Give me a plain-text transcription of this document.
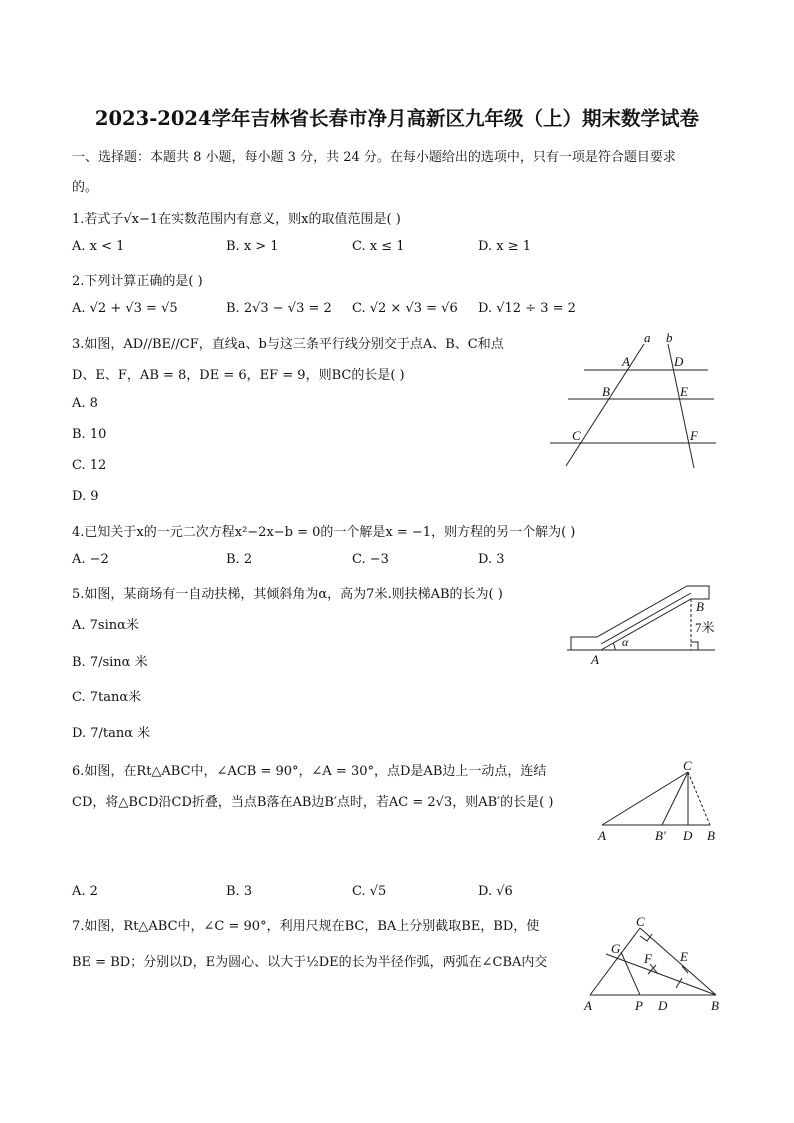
2023-2024学年吉林省长春市净月高新区九年级（上）期末数学试卷
一、选择题：本题共 8 小题，每小题 3 分，共 24 分。在每小题给出的选项中，只有一项是符合题目要求
的。
1.若式子√x−1在实数范围内有意义，则x的取值范围是( )
A. x < 1	B. x > 1	C. x ≤ 1	D. x ≥ 1
2.下列计算正确的是( )
A. √2 + √3 = √5	B. 2√3 − √3 = 2 C. √2 × √3 = √6 D. √12 ÷ 3 = 2
3.如图，AD//BE//CF，直线a、b与这三条平行线分别交于点A、B、C和点
D、E、F，AB = 8，DE = 6，EF = 9，则BC的长是( )
A. 8
B. 10
C. 12
D. 9
a b
A	D
B	E
C	F
4.已知关于x的一元二次方程x²−2x−b = 0的一个解是x = −1，则方程的另一个解为( )
A. −2	B. 2	C. −3	D. 3
5.如图，某商场有一自动扶梯，其倾斜角为α，高为7米.则扶梯AB的长为( )
A. 7sinα米
B. 7/sinα 米
C. 7tanα米
D. 7/tanα 米
B
7米
α
A
6.如图，在Rt△ABC中，∠ACB = 90°，∠A = 30°，点D是AB边上一动点，连结
CD，将△BCD沿CD折叠，当点B落在AB边B′点时，若AC = 2√3，则AB′的长是( )
A. 2	B. 3	C. √5	D. √6
C
A	B′ D B
7.如图，Rt△ABC中，∠C = 90°，利用尺规在BC，BA上分别截取BE，BD，使
BE = BD；分别以D，E为圆心、以大于½DE的长为半径作弧，两弧在∠CBA内交
C
G
E
F
A	P D	B
